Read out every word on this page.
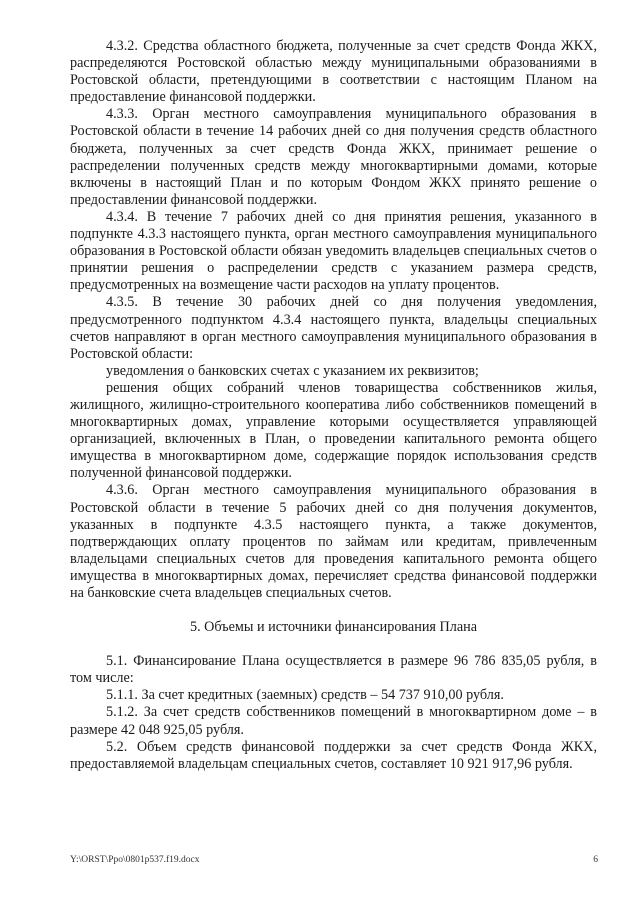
4.3.2. Средства областного бюджета, полученные за счет средств Фонда ЖКХ, распределяются Ростовской областью между муниципальными образованиями в Ростовской области, претендующими в соответствии с настоящим Планом на предоставление финансовой поддержки.

4.3.3. Орган местного самоуправления муниципального образования в Ростовской области в течение 14 рабочих дней со дня получения средств областного бюджета, полученных за счет средств Фонда ЖКХ, принимает решение о распределении полученных средств между многоквартирными домами, которые включены в настоящий План и по которым Фондом ЖКХ принято решение о предоставлении финансовой поддержки.

4.3.4. В течение 7 рабочих дней со дня принятия решения, указанного в подпункте 4.3.3 настоящего пункта, орган местного самоуправления муниципального образования в Ростовской области обязан уведомить владельцев специальных счетов о принятии решения о распределении средств с указанием размера средств, предусмотренных на возмещение части расходов на уплату процентов.

4.3.5. В течение 30 рабочих дней со дня получения уведомления, предусмотренного подпунктом 4.3.4 настоящего пункта, владельцы специальных счетов направляют в орган местного самоуправления муниципального образования в Ростовской области:

уведомления о банковских счетах с указанием их реквизитов;

решения общих собраний членов товарищества собственников жилья, жилищного, жилищно-строительного кооператива либо собственников помещений в многоквартирных домах, управление которыми осуществляется управляющей организацией, включенных в План, о проведении капитального ремонта общего имущества в многоквартирном доме, содержащие порядок использования средств полученной финансовой поддержки.

4.3.6. Орган местного самоуправления муниципального образования в Ростовской области в течение 5 рабочих дней со дня получения документов, указанных в подпункте 4.3.5 настоящего пункта, а также документов, подтверждающих оплату процентов по займам или кредитам, привлеченным владельцами специальных счетов для проведения капитального ремонта общего имущества в многоквартирных домах, перечисляет средства финансовой поддержки на банковские счета владельцев специальных счетов.

5. Объемы и источники финансирования Плана

5.1. Финансирование Плана осуществляется в размере 96 786 835,05 рубля, в том числе:

5.1.1. За счет кредитных (заемных) средств – 54 737 910,00 рубля.

5.1.2. За счет средств собственников помещений в многоквартирном доме – в размере 42 048 925,05 рубля.

5.2. Объем средств финансовой поддержки за счет средств Фонда ЖКХ, предоставляемой владельцам специальных счетов, составляет 10 921 917,96 рубля.

Y:\ORST\Ppo\0801p537.f19.docx	6
